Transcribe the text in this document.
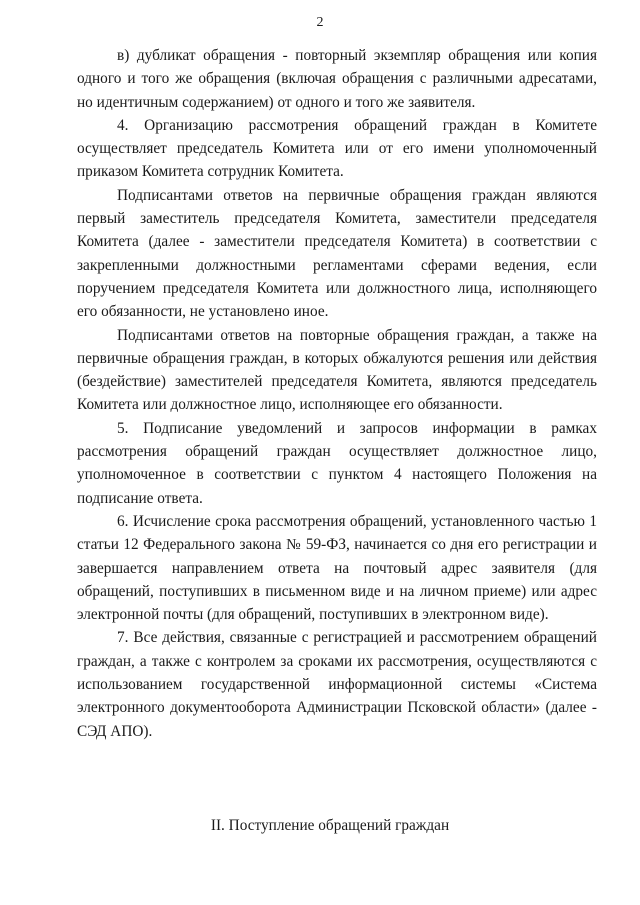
2

в) дубликат обращения - повторный экземпляр обращения или копия одного и того же обращения (включая обращения с различными адресатами, но идентичным содержанием) от одного и того же заявителя.

4. Организацию рассмотрения обращений граждан в Комитете осуществляет председатель Комитета или от его имени уполномоченный приказом Комитета сотрудник Комитета.

Подписантами ответов на первичные обращения граждан являются первый заместитель председателя Комитета, заместители председателя Комитета (далее - заместители председателя Комитета) в соответствии с закрепленными должностными регламентами сферами ведения, если поручением председателя Комитета или должностного лица, исполняющего его обязанности, не установлено иное.

Подписантами ответов на повторные обращения граждан, а также на первичные обращения граждан, в которых обжалуются решения или действия (бездействие) заместителей председателя Комитета, являются председатель Комитета или должностное лицо, исполняющее его обязанности.

5. Подписание уведомлений и запросов информации в рамках рассмотрения обращений граждан осуществляет должностное лицо, уполномоченное в соответствии с пунктом 4 настоящего Положения на подписание ответа.

6. Исчисление срока рассмотрения обращений, установленного частью 1 статьи 12 Федерального закона № 59-ФЗ, начинается со дня его регистрации и завершается направлением ответа на почтовый адрес заявителя (для обращений, поступивших в письменном виде и на личном приеме) или адрес электронной почты (для обращений, поступивших в электронном виде).

7. Все действия, связанные с регистрацией и рассмотрением обращений граждан, а также с контролем за сроками их рассмотрения, осуществляются с использованием государственной информационной системы «Система электронного документооборота Администрации Псковской области» (далее - СЭД АПО).

II. Поступление обращений граждан
